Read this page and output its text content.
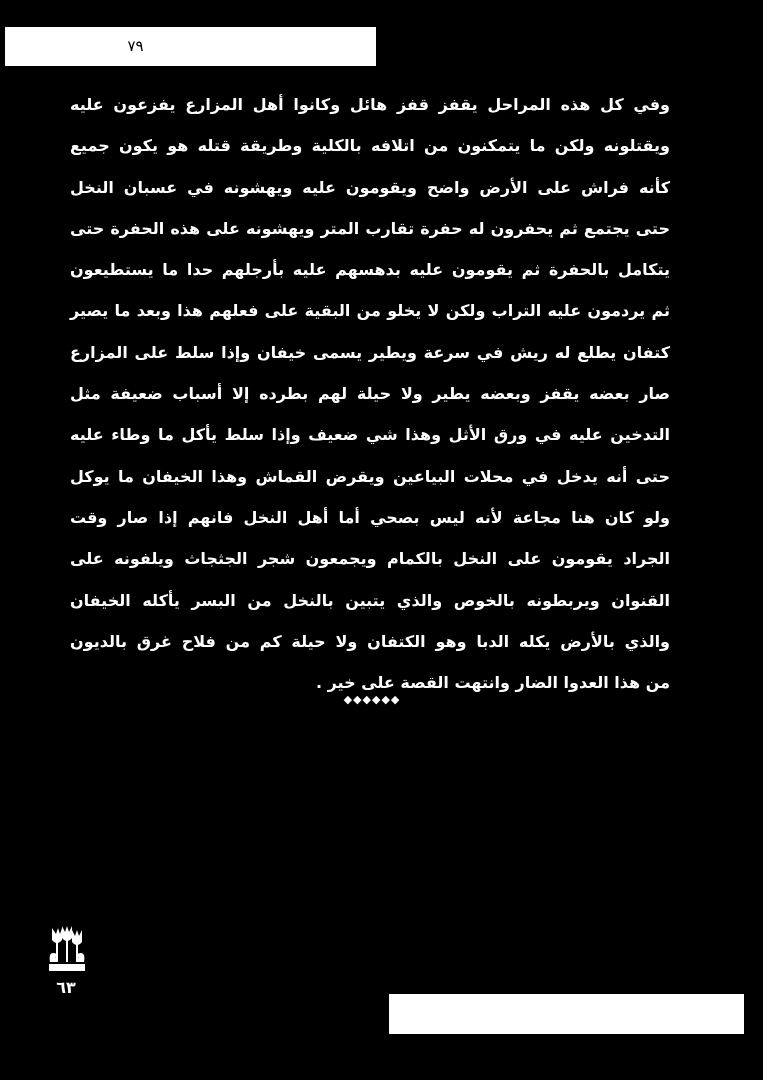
٧٩
وفي كل هذه المراحل يقفز قفز هائل وكانوا أهل المزارع يفزعون عليه
ويقتلونه ولكن ما يتمكنون من اتلافه بالكلية وطريقة قتله هو يكون جميع
كأنه فراش على الأرض واضح ويقومون عليه ويهشونه في عسبان النخل
حتى يجتمع ثم يحفرون له حفرة تقارب المتر ويهشونه على هذه الحفرة حتى
يتكامل بالحفرة ثم يقومون عليه بدهسهم عليه بأرجلهم حدا ما يستطيعون
ثم يردمون عليه التراب ولكن لا يخلو من البقية على فعلهم هذا وبعد ما يصير
كتفان يطلع له ريش في سرعة ويطير يسمى خيفان وإذا سلط على المزارع
صار بعضه يقفز وبعضه يطير ولا حيلة لهم بطرده إلا أسباب ضعيفة مثل
التدخين عليه في ورق الأثل وهذا شي ضعيف وإذا سلط يأكل ما وطاء عليه
حتى أنه يدخل في محلات البياعين ويقرض القماش وهذا الخيفان ما يوكل
ولو كان هنا مجاعة لأنه ليس بصحي أما أهل النخل فانهم إذا صار وقت
الجراد يقومون على النخل بالكمام ويجمعون شجر الجثجاث ويلفونه على
القنوان ويربطونه بالخوص والذي يتبين بالنخل من البسر يأكله الخيفان
والذي بالأرض يكله الدبا وهو الكتفان ولا حيلة كم من فلاح غرق بالديون
من هذا العدوا الضار وانتهت القصة على خير .
◆◆◆◆◆◆
٦٣
